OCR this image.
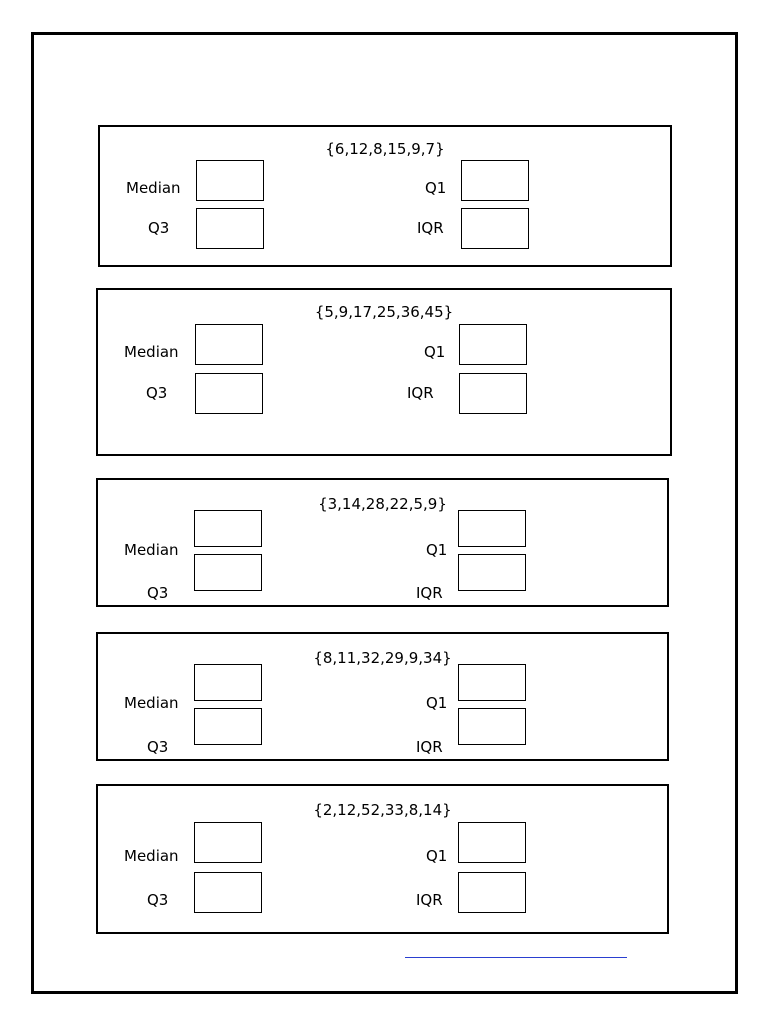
{6,12,8,15,9,7}
Median	Q1
Q3	IQR
{5,9,17,25,36,45}
Median	Q1
Q3	IQR
{3,14,28,22,5,9}
Median	Q1
Q3	IQR
{8,11,32,29,9,34}
Median	Q1
Q3	IQR
{2,12,52,33,8,14}
Median	Q1
Q3	IQR
